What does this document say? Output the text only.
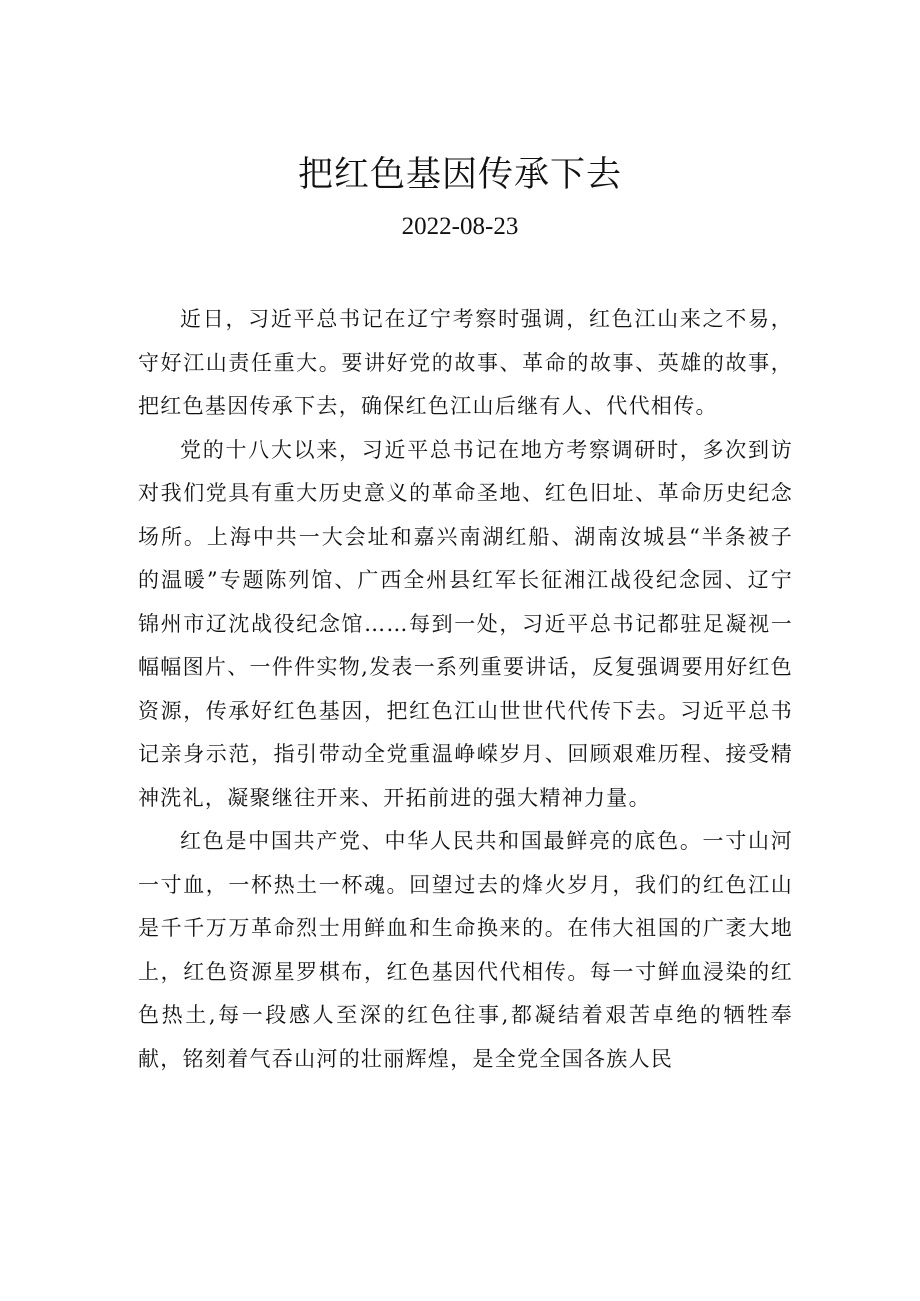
把红色基因传承下去
2022-08-23

近日，习近平总书记在辽宁考察时强调，红色江山来之不易，守好江山责任重大。要讲好党的故事、革命的故事、英雄的故事，把红色基因传承下去，确保红色江山后继有人、代代相传。

党的十八大以来，习近平总书记在地方考察调研时，多次到访对我们党具有重大历史意义的革命圣地、红色旧址、革命历史纪念场所。上海中共一大会址和嘉兴南湖红船、湖南汝城县“半条被子的温暖”专题陈列馆、广西全州县红军长征湘江战役纪念园、辽宁锦州市辽沈战役纪念馆……每到一处，习近平总书记都驻足凝视一幅幅图片、一件件实物,发表一系列重要讲话，反复强调要用好红色资源，传承好红色基因，把红色江山世世代代传下去。习近平总书记亲身示范，指引带动全党重温峥嵘岁月、回顾艰难历程、接受精神洗礼，凝聚继往开来、开拓前进的强大精神力量。

红色是中国共产党、中华人民共和国最鲜亮的底色。一寸山河一寸血，一杯热土一杯魂。回望过去的烽火岁月，我们的红色江山是千千万万革命烈士用鲜血和生命换来的。在伟大祖国的广袤大地上，红色资源星罗棋布，红色基因代代相传。每一寸鲜血浸染的红色热土,每一段感人至深的红色往事,都凝结着艰苦卓绝的牺牲奉献，铭刻着气吞山河的壮丽辉煌，是全党全国各族人民
